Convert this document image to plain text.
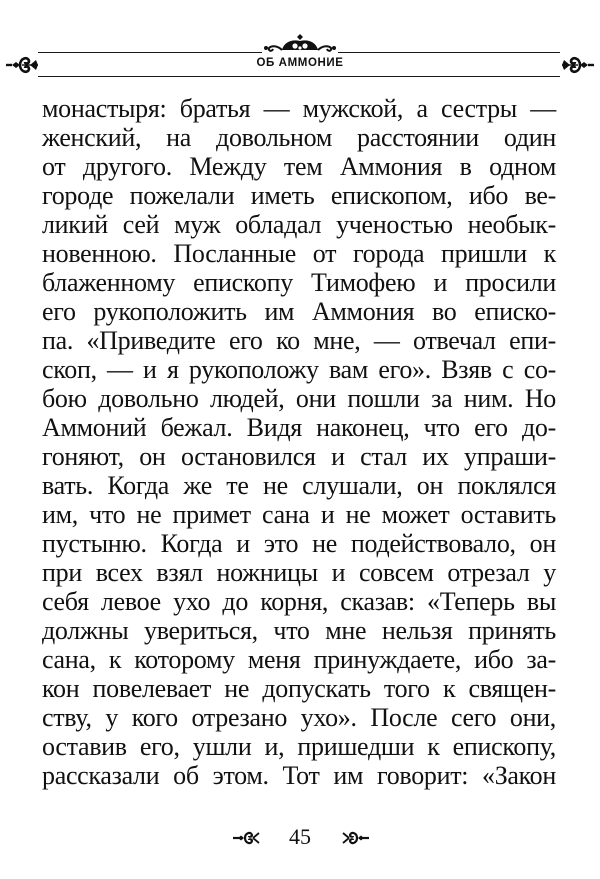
ОБ АММОНИЕ
монастыря: братья — мужской, а сестры —
женский, на довольном расстоянии один
от другого. Между тем Аммония в одном
городе пожелали иметь епископом, ибо ве-
ликий сей муж обладал ученостью необык-
новенною. Посланные от города пришли к
блаженному епископу Тимофею и просили
его рукоположить им Аммония во еписко-
па. «Приведите его ко мне, — отвечал епи-
скоп, — и я рукоположу вам его». Взяв с со-
бою довольно людей, они пошли за ним. Но
Аммоний бежал. Видя наконец, что его до-
гоняют, он остановился и стал их упраши-
вать. Когда же те не слушали, он поклялся
им, что не примет сана и не может оставить
пустыню. Когда и это не подействовало, он
при всех взял ножницы и совсем отрезал у
себя левое ухо до корня, сказав: «Теперь вы
должны увериться, что мне нельзя принять
сана, к которому меня принуждаете, ибо за-
кон повелевает не допускать того к священ-
ству, у кого отрезано ухо». После сего они,
оставив его, ушли и, пришедши к епископу,
рассказали об этом. Тот им говорит: «Закон
45
